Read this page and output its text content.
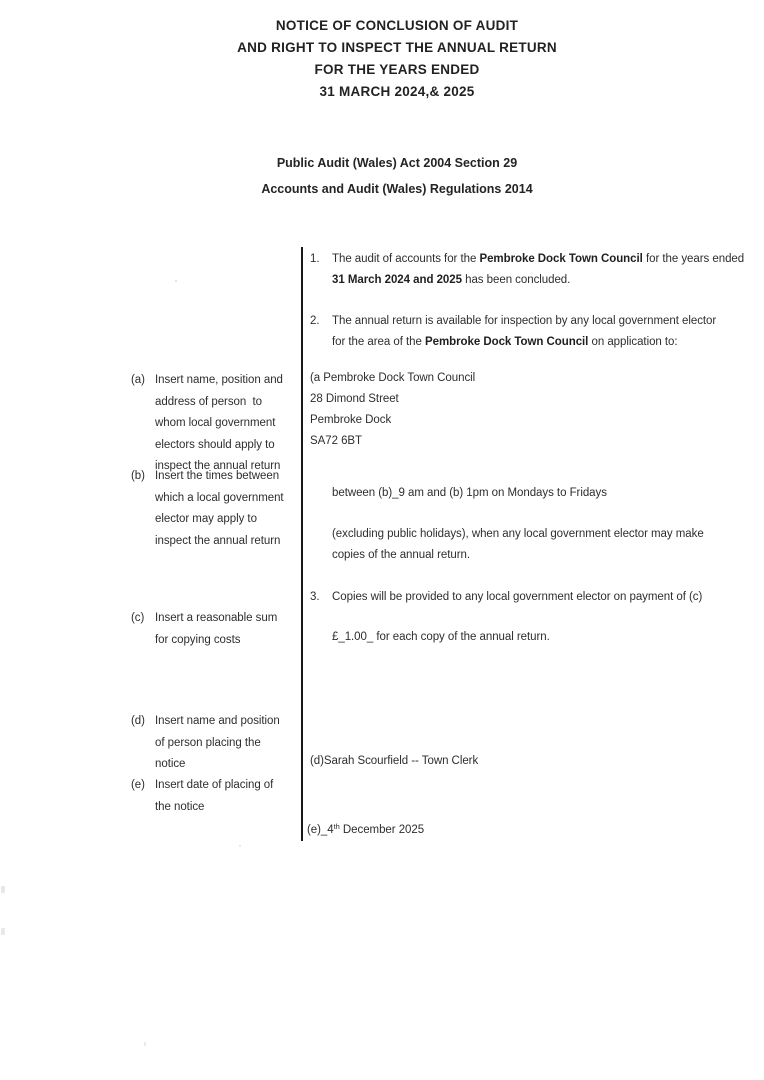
NOTICE OF CONCLUSION OF AUDIT
AND RIGHT TO INSPECT THE ANNUAL RETURN
FOR THE YEARS ENDED
31 MARCH 2024,& 2025
Public Audit (Wales) Act 2004 Section 29
Accounts and Audit (Wales) Regulations 2014
1.	The audit of accounts for the Pembroke Dock Town Council for the years ended 31 March 2024 and 2025 has been concluded.
2.	The annual return is available for inspection by any local government elector for the area of the Pembroke Dock Town Council on application to:
(a Pembroke Dock Town Council
28 Dimond Street
Pembroke Dock
SA72 6BT
between (b)_9 am and (b) 1pm on Mondays to Fridays
(excluding public holidays), when any local government elector may make
copies of the annual return.
3.	Copies will be provided to any local government elector on payment of (c)
£_1.00_ for each copy of the annual return.
(d)Sarah Scourfield -- Town Clerk
(e)_4th December 2025
(a) Insert name, position and
address of person  to
whom local government
electors should apply to
inspect the annual return
(b) Insert the times between
which a local government
elector may apply to
inspect the annual return
(c) Insert a reasonable sum
for copying costs
(d) Insert name and position
of person placing the
notice
(e) Insert date of placing of
the notice
